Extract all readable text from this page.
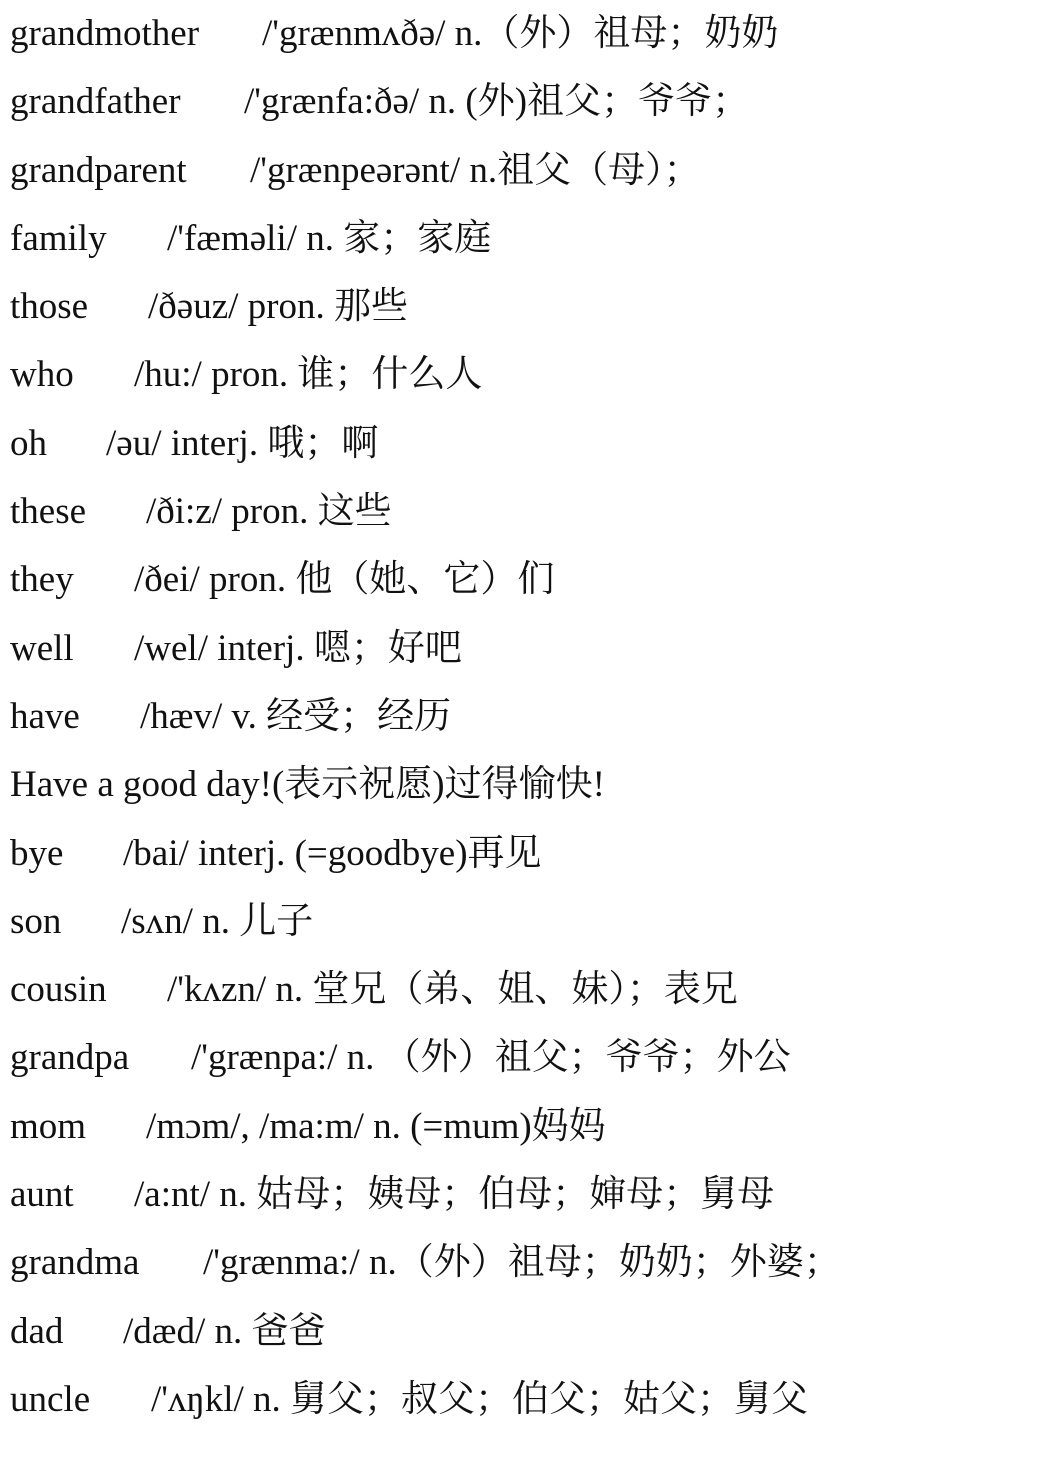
grandmother /'grænmʌðə/ n.（外）祖母；奶奶
grandfather /'grænfa:ðə/ n. (外)祖父；爷爷；
grandparent /'grænpeərənt/ n.祖父（母）；
family /'fæməli/ n. 家；家庭
those /ðəuz/ pron. 那些
who /hu:/ pron. 谁；什么人
oh /əu/ interj. 哦；啊
these /ði:z/ pron. 这些
they /ðei/ pron. 他（她、它）们
well /wel/ interj. 嗯；好吧
have /hæv/ v. 经受；经历
Have a good day!(表示祝愿)过得愉快!
bye /bai/ interj. (=goodbye)再见
son /sʌn/ n. 儿子
cousin /'kʌzn/ n. 堂兄（弟、姐、妹）；表兄
grandpa /'grænpa:/ n. （外）祖父；爷爷；外公
mom /mɔm/, /ma:m/ n. (=mum)妈妈
aunt /a:nt/ n. 姑母；姨母；伯母；婶母；舅母
grandma /'grænma:/ n.（外）祖母；奶奶；外婆；
dad /dæd/ n. 爸爸
uncle /'ʌŋkl/ n. 舅父；叔父；伯父；姑父；舅父
